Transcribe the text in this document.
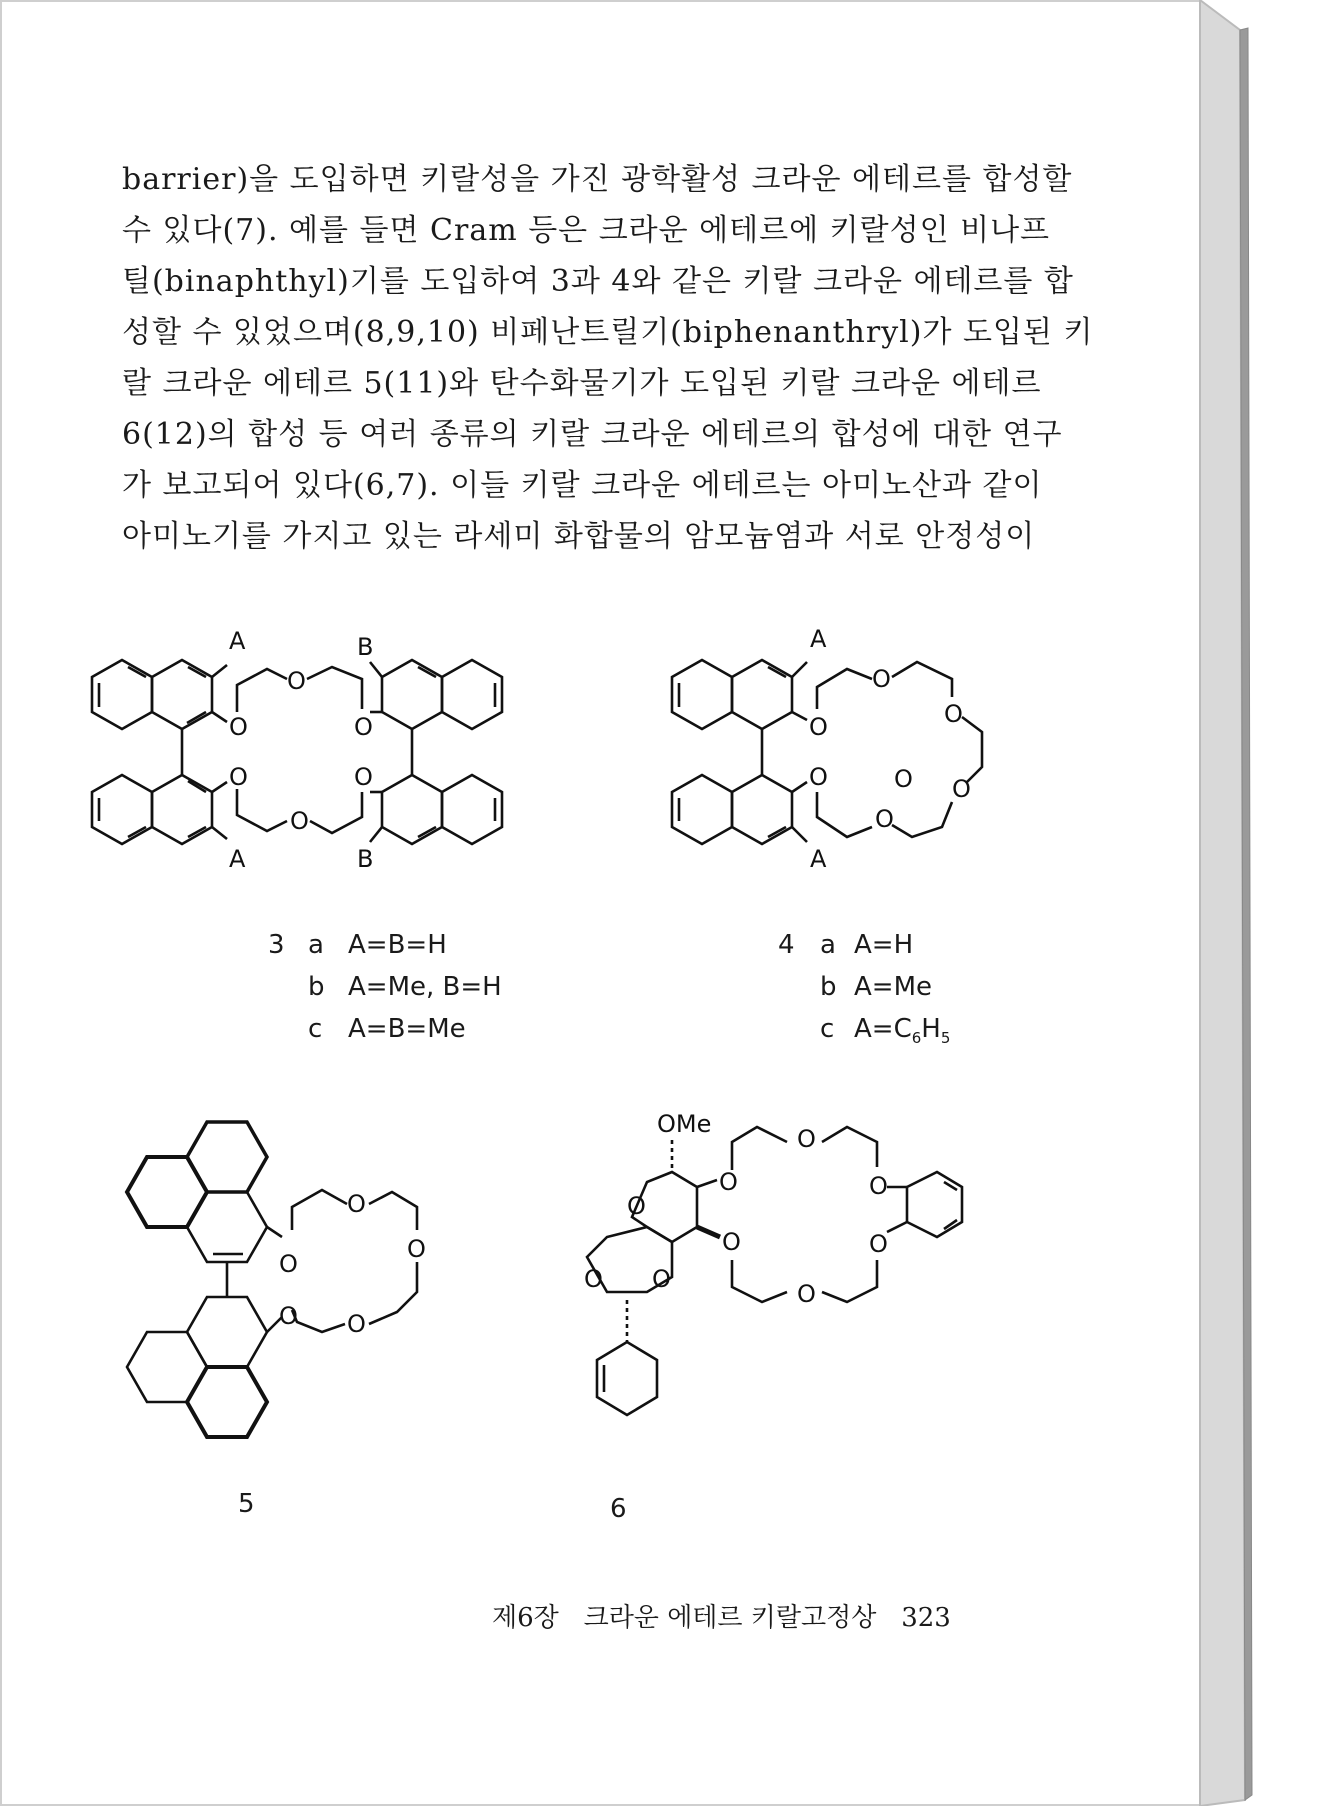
barrier)을 도입하면 키랄성을 가진 광학활성 크라운 에테르를 합성할

수 있다(7). 예를 들면 Cram 등은 크라운 에테르에 키랄성인 비나프

틸(binaphthyl)기를 도입하여 3과 4와 같은 키랄 크라운 에테르를 합

성할 수 있었으며(8,9,10) 비페난트릴기(biphenanthryl)가 도입된 키

랄 크라운 에테르 5(11)와 탄수화물기가 도입된 키랄 크라운 에테르

6(12)의 합성 등 여러 종류의 키랄 크라운 에테르의 합성에 대한 연구

가 보고되어 있다(6,7). 이들 키랄 크라운 에테르는 아미노산과 같이

아미노기를 가지고 있는 라세미 화합물의 암모늄염과 서로 안정성이

A
A
O
O
O
O
O
O
B
B
A
A
O
O
O
O
O
O
O
3 a A=B=H
b A=Me, B=H
c A=B=Me
4 a A=H
b A=Me
c $A=C_6H_5$
O
O
O
O
O
5
OMe
O
O O
O
O
O
O
O
O
6
제6장 크라운 에테르 키랄고정상 323
